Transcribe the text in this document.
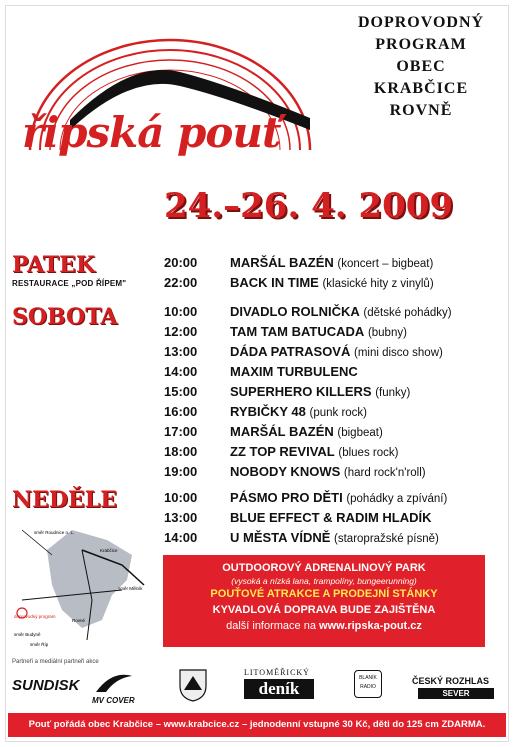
DOPROVODNÝ
PROGRAM
OBEC
KRABČICE
ROVNĚ
řipská pouť
24.–26. 4. 2009
PATEK
RESTAURACE „POD ŘÍPEM"
SOBOTA
NEDĚLE
20:00	MARŠÁL BAZÉN (koncert – bigbeat)
22:00	BACK IN TIME (klasické hity z vinylů)
10:00	DIVADLO ROLNIČKA (dětské pohádky)
12:00	TAM TAM BATUCADA (bubny)
13:00	DÁDA PATRASOVÁ (mini disco show)
14:00	MAXIM TURBULENC
15:00	SUPERHERO KILLERS (funky)
16:00	RYBIČKY 48 (punk rock)
17:00	MARŠÁL BAZÉN (bigbeat)
18:00	ZZ TOP REVIVAL (blues rock)
19:00	NOBODY KNOWS (hard rock'n'roll)
10:00	PÁSMO PRO DĚTI (pohádky a zpívání)
13:00	BLUE EFFECT & RADIM HLADÍK
14:00	U MĚSTA VÍDNĚ (staropražské písně)
směr Roudnice n. L.
Krabčice
směr Mělník
Rovné
směr Budyně
směr Říp
doprovodný program
OUTDOOROVÝ ADRENALINOVÝ PARK
(vysoká a nízká lana, trampolíny, bungeerunning)
POUŤOVÉ ATRAKCE A PRODEJNÍ STÁNKY
KYVADLOVÁ DOPRAVA BUDE ZAJIŠTĚNA
další informace na www.ripska-pout.cz
Partneři a mediální partneři akce
SUNDISK
MV COVER
LITOMĚŘICKÝ
deník
BLANÍK RADIO
ČESKÝ ROZHLAS
SEVER
Pouť pořádá obec Krabčice – www.krabcice.cz – jednodenní vstupné 30 Kč, děti do 125 cm ZDARMA.
